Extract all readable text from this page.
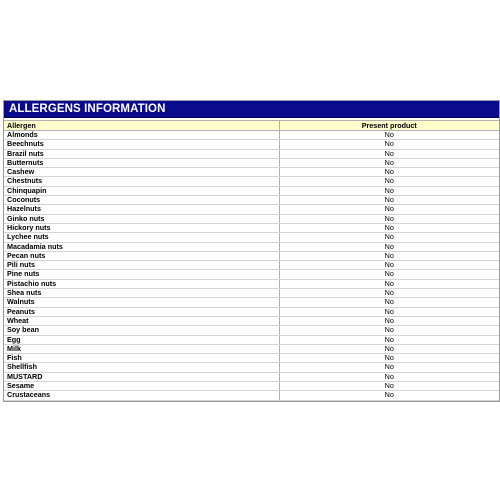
ALLERGENS INFORMATION
Allergen	Present product
Almonds	No
Beechnuts	No
Brazil nuts	No
Butternuts	No
Cashew	No
Chestnuts	No
Chinquapin	No
Coconuts	No
Hazelnuts	No
Ginko nuts	No
Hickory nuts	No
Lychee nuts	No
Macadamia nuts	No
Pecan nuts	No
Pili nuts	No
Pine nuts	No
Pistachio nuts	No
Shea nuts	No
Walnuts	No
Peanuts	No
Wheat	No
Soy bean	No
Egg	No
Milk	No
Fish	No
Shellfish	No
MUSTARD	No
Sesame	No
Crustaceans	No
